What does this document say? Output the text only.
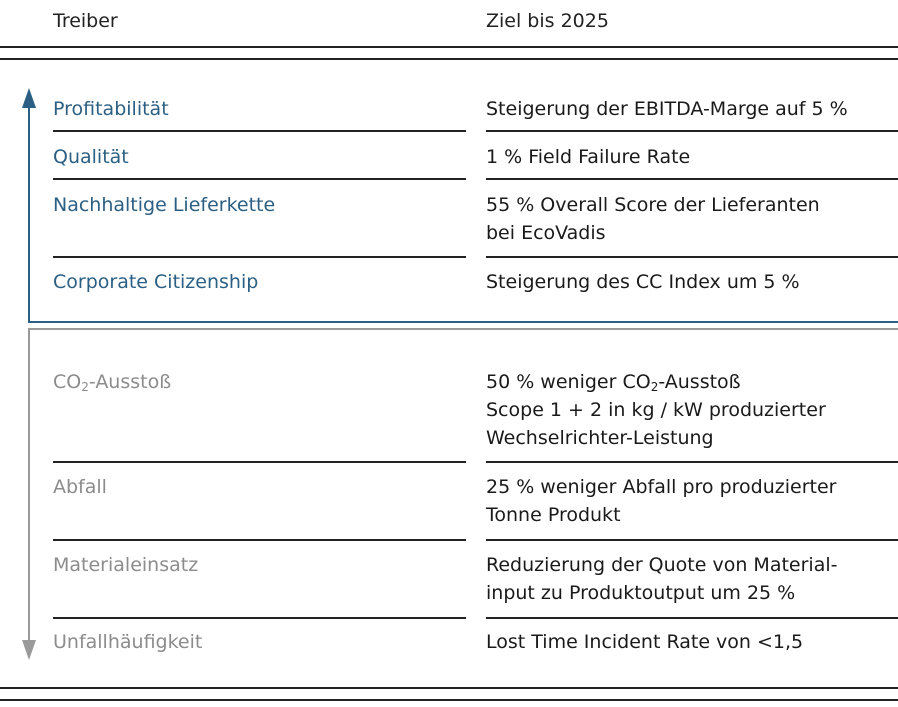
Treiber	Ziel bis 2025
Profitabilität	Steigerung der EBITDA-Marge auf 5 %
Qualität	1 % Field Failure Rate
Nachhaltige Lieferkette	55 % Overall Score der Lieferanten
bei EcoVadis
Corporate Citizenship	Steigerung des CC Index um 5 %
$CO_2$-Ausstoß	50 % weniger $CO_2$-Ausstoß
Scope 1 + 2 in kg / kW produzierter
Wechselrichter-Leistung
Abfall	25 % weniger Abfall pro produzierter
Tonne Produkt
Materialeinsatz	Reduzierung der Quote von Material-
input zu Produktoutput um 25 %
Unfallhäufigkeit	Lost Time Incident Rate von <1,5
